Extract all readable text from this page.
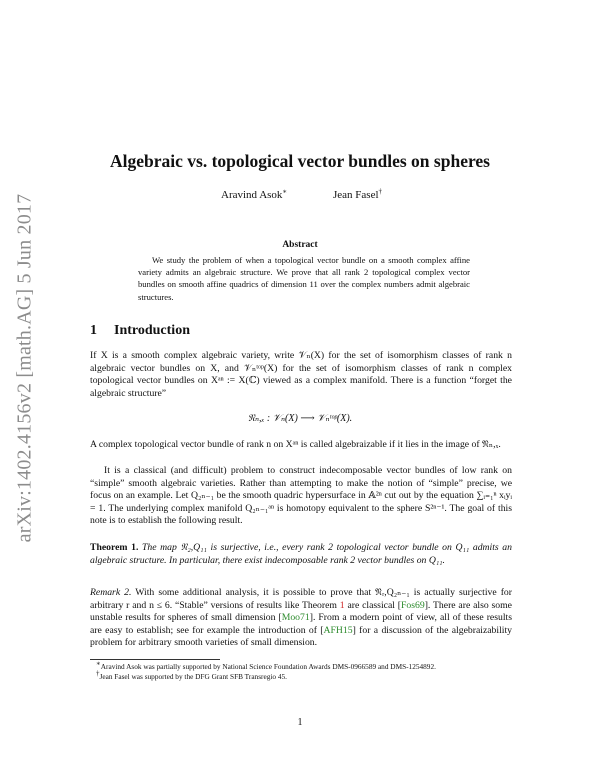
arXiv:1402.4156v2 [math.AG] 5 Jun 2017
Algebraic vs. topological vector bundles on spheres
Aravind Asok∗	Jean Fasel†
Abstract
We study the problem of when a topological vector bundle on a smooth complex affine variety admits an algebraic structure. We prove that all rank 2 topological complex vector bundles on smooth affine quadrics of dimension 11 over the complex numbers admit algebraic structures.
1 Introduction
If X is a smooth complex algebraic variety, write 𝒱ₙ(X) for the set of isomorphism classes of rank n algebraic vector bundles on X, and 𝒱ₙᵗᵒᵖ(X) for the set of isomorphism classes of rank n complex topological vector bundles on Xᵃⁿ := X(ℂ) viewed as a complex manifold. There is a function “forget the algebraic structure”
𝔑ₙ,ₓ : 𝒱ₙ(X) ⟶ 𝒱ₙᵗᵒᵖ(X).
A complex topological vector bundle of rank n on Xᵃⁿ is called algebraizable if it lies in the image of 𝔑ₙ,ₓ.
It is a classical (and difficult) problem to construct indecomposable vector bundles of low rank on “simple” smooth algebraic varieties. Rather than attempting to make the notion of “simple” precise, we focus on an example. Let Q₂ₙ₋₁ be the smooth quadric hypersurface in 𝔸²ⁿ cut out by the equation ∑ᵢ₌₁ⁿ xᵢyᵢ = 1. The underlying complex manifold Q₂ₙ₋₁ᵃⁿ is homotopy equivalent to the sphere S²ⁿ⁻¹. The goal of this note is to establish the following result.
Theorem 1. The map 𝔑₂,Q₁₁ is surjective, i.e., every rank 2 topological vector bundle on Q₁₁ admits an algebraic structure. In particular, there exist indecomposable rank 2 vector bundles on Q₁₁.
Remark 2. With some additional analysis, it is possible to prove that 𝔑ᵣ,Q₂ₙ₋₁ is actually surjective for arbitrary r and n ≤ 6. “Stable” versions of results like Theorem 1 are classical [Fos69]. There are also some unstable results for spheres of small dimension [Moo71]. From a modern point of view, all of these results are easy to establish; see for example the introduction of [AFH15] for a discussion of the algebraizability problem for arbitrary smooth varieties of small dimension.
∗Aravind Asok was partially supported by National Science Foundation Awards DMS-0966589 and DMS-1254892.
†Jean Fasel was supported by the DFG Grant SFB Transregio 45.
1
